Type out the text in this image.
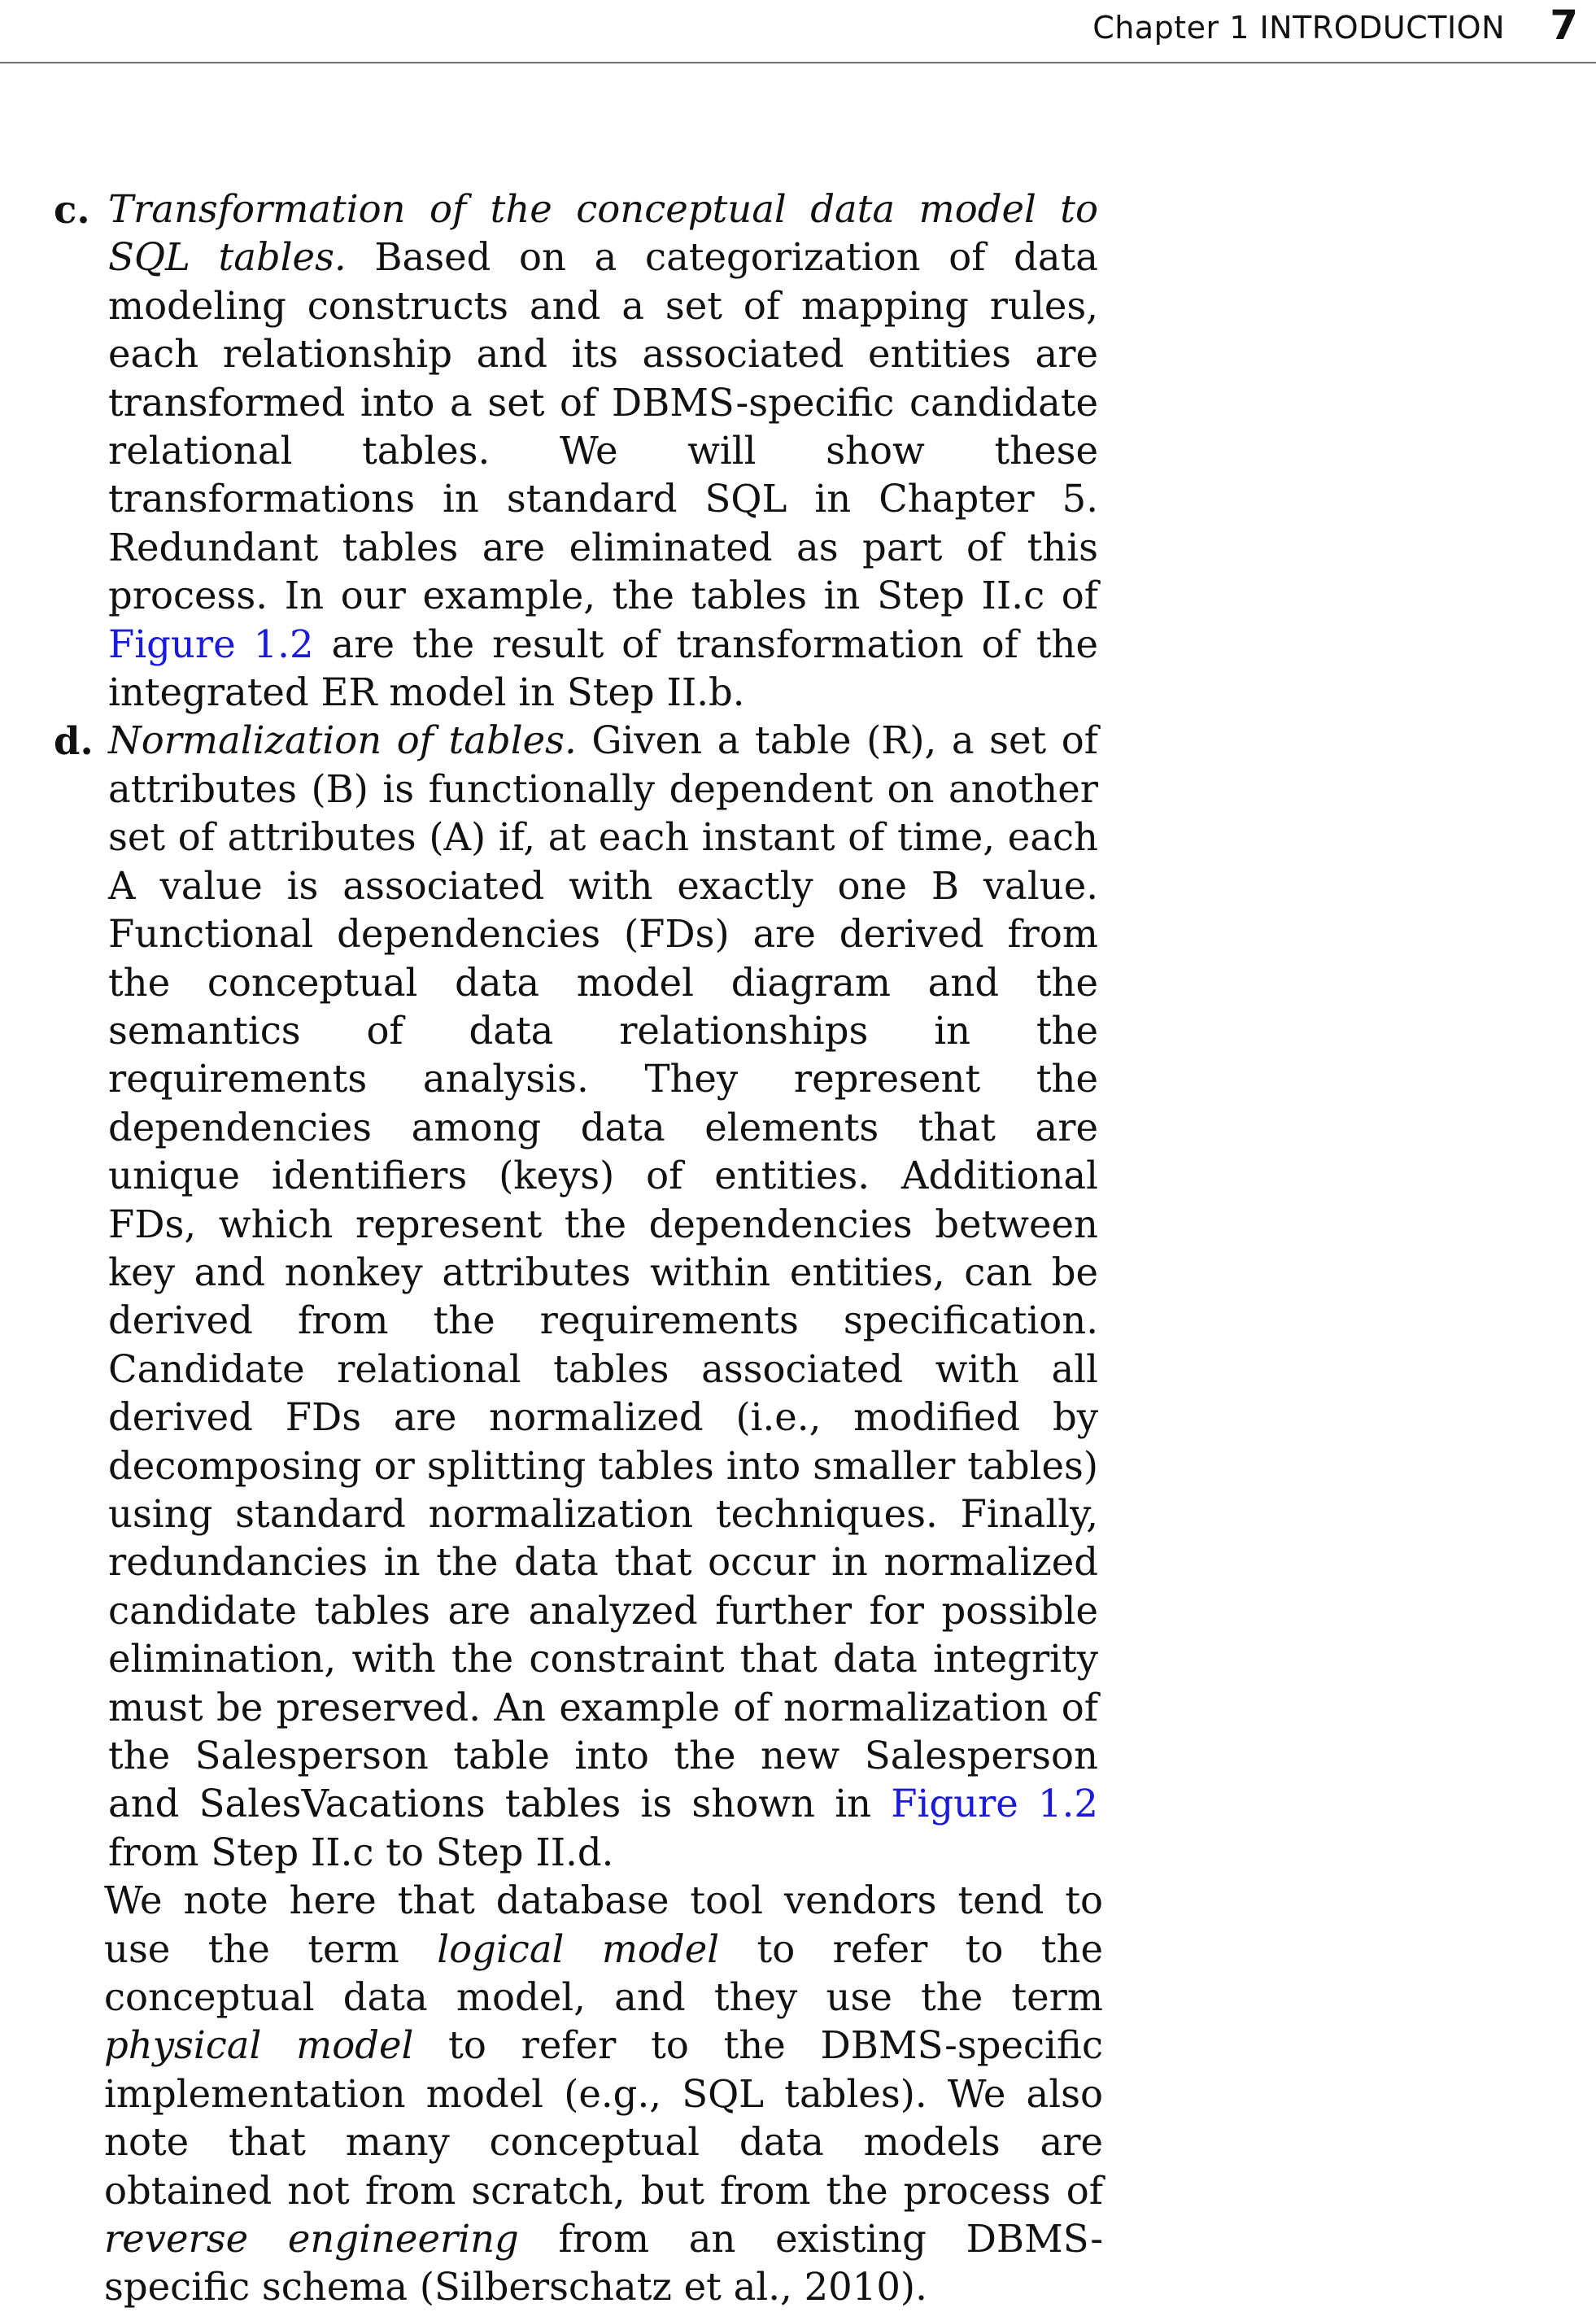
Chapter 1 INTRODUCTION 7
c. Transformation of the conceptual data model to SQL tables. Based on a categorization of data modeling constructs and a set of mapping rules, each relationship and its associated entities are transformed into a set of DBMS-specific candidate relational tables. We will show these transformations in standard SQL in Chapter 5. Redundant tables are eliminated as part of this process. In our example, the tables in Step II.c of Figure 1.2 are the result of transformation of the integrated ER model in Step II.b.

d. Normalization of tables. Given a table (R), a set of attributes (B) is functionally dependent on another set of attributes (A) if, at each instant of time, each A value is associated with exactly one B value. Functional dependencies (FDs) are derived from the conceptual data model diagram and the semantics of data relationships in the requirements analysis. They represent the dependencies among data elements that are unique identifiers (keys) of entities. Additional FDs, which represent the dependencies between key and nonkey attributes within entities, can be derived from the requirements specification. Candidate relational tables associated with all derived FDs are normalized (i.e., modified by decomposing or splitting tables into smaller tables) using standard normalization techniques. Finally, redundancies in the data that occur in normalized candidate tables are analyzed further for possible elimination, with the constraint that data integrity must be preserved. An example of normalization of the Salesperson table into the new Salesperson and SalesVacations tables is shown in Figure 1.2 from Step II.c to Step II.d.

We note here that database tool vendors tend to use the term logical model to refer to the conceptual data model, and they use the term physical model to refer to the DBMS-specific implementation model (e.g., SQL tables). We also note that many conceptual data models are obtained not from scratch, but from the process of reverse engineering from an existing DBMS-specific schema (Silberschatz et al., 2010).
